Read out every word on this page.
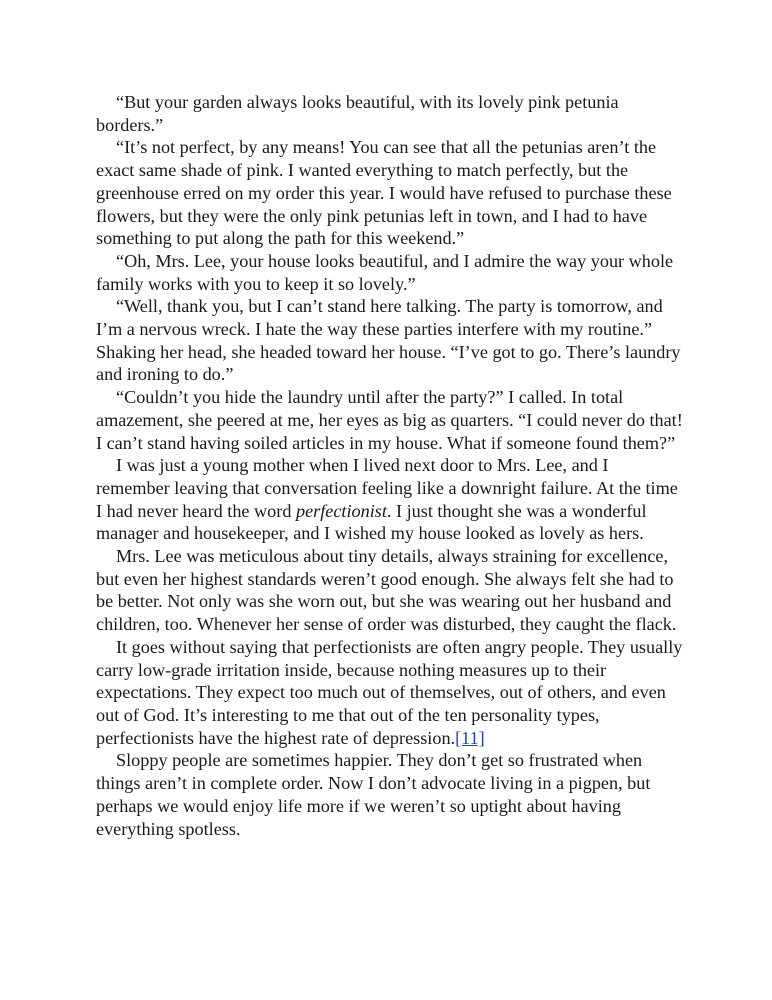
“But your garden always looks beautiful, with its lovely pink petunia borders.”

“It’s not perfect, by any means! You can see that all the petunias aren’t the exact same shade of pink. I wanted everything to match perfectly, but the greenhouse erred on my order this year. I would have refused to purchase these flowers, but they were the only pink petunias left in town, and I had to have something to put along the path for this weekend.”

“Oh, Mrs. Lee, your house looks beautiful, and I admire the way your whole family works with you to keep it so lovely.”

“Well, thank you, but I can’t stand here talking. The party is tomorrow, and I’m a nervous wreck. I hate the way these parties interfere with my routine.” Shaking her head, she headed toward her house. “I’ve got to go. There’s laundry and ironing to do.”

“Couldn’t you hide the laundry until after the party?” I called. In total amazement, she peered at me, her eyes as big as quarters. “I could never do that! I can’t stand having soiled articles in my house. What if someone found them?”

I was just a young mother when I lived next door to Mrs. Lee, and I remember leaving that conversation feeling like a downright failure. At the time I had never heard the word perfectionist. I just thought she was a wonderful manager and housekeeper, and I wished my house looked as lovely as hers.

Mrs. Lee was meticulous about tiny details, always straining for excellence, but even her highest standards weren’t good enough. She always felt she had to be better. Not only was she worn out, but she was wearing out her husband and children, too. Whenever her sense of order was disturbed, they caught the flack.

It goes without saying that perfectionists are often angry people. They usually carry low-grade irritation inside, because nothing measures up to their expectations. They expect too much out of themselves, out of others, and even out of God. It’s interesting to me that out of the ten personality types, perfectionists have the highest rate of depression.[11]

Sloppy people are sometimes happier. They don’t get so frustrated when things aren’t in complete order. Now I don’t advocate living in a pigpen, but perhaps we would enjoy life more if we weren’t so uptight about having everything spotless.
